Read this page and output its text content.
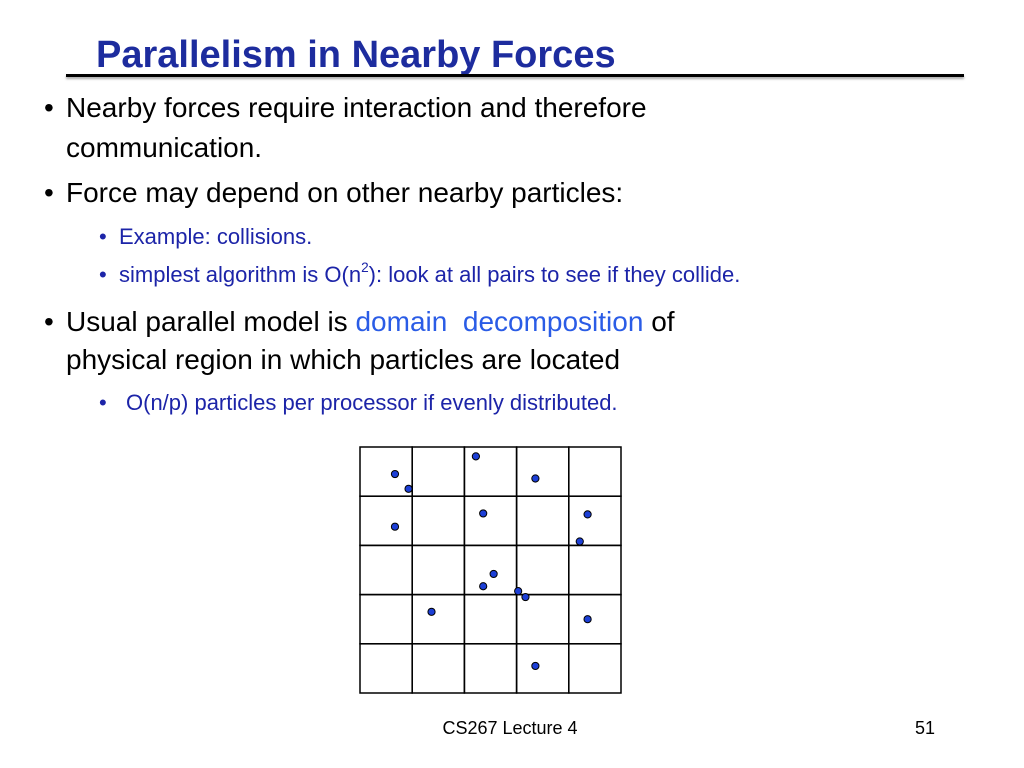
Parallelism in Nearby Forces
• Nearby forces require interaction and therefore
communication.
• Force may depend on other nearby particles:
• Example: collisions.
• simplest algorithm is $O(n^2)$: look at all pairs to see if they collide.
• Usual parallel model is domain decomposition of
physical region in which particles are located
• O(n/p) particles per processor if evenly distributed.
CS267 Lecture 4	51
